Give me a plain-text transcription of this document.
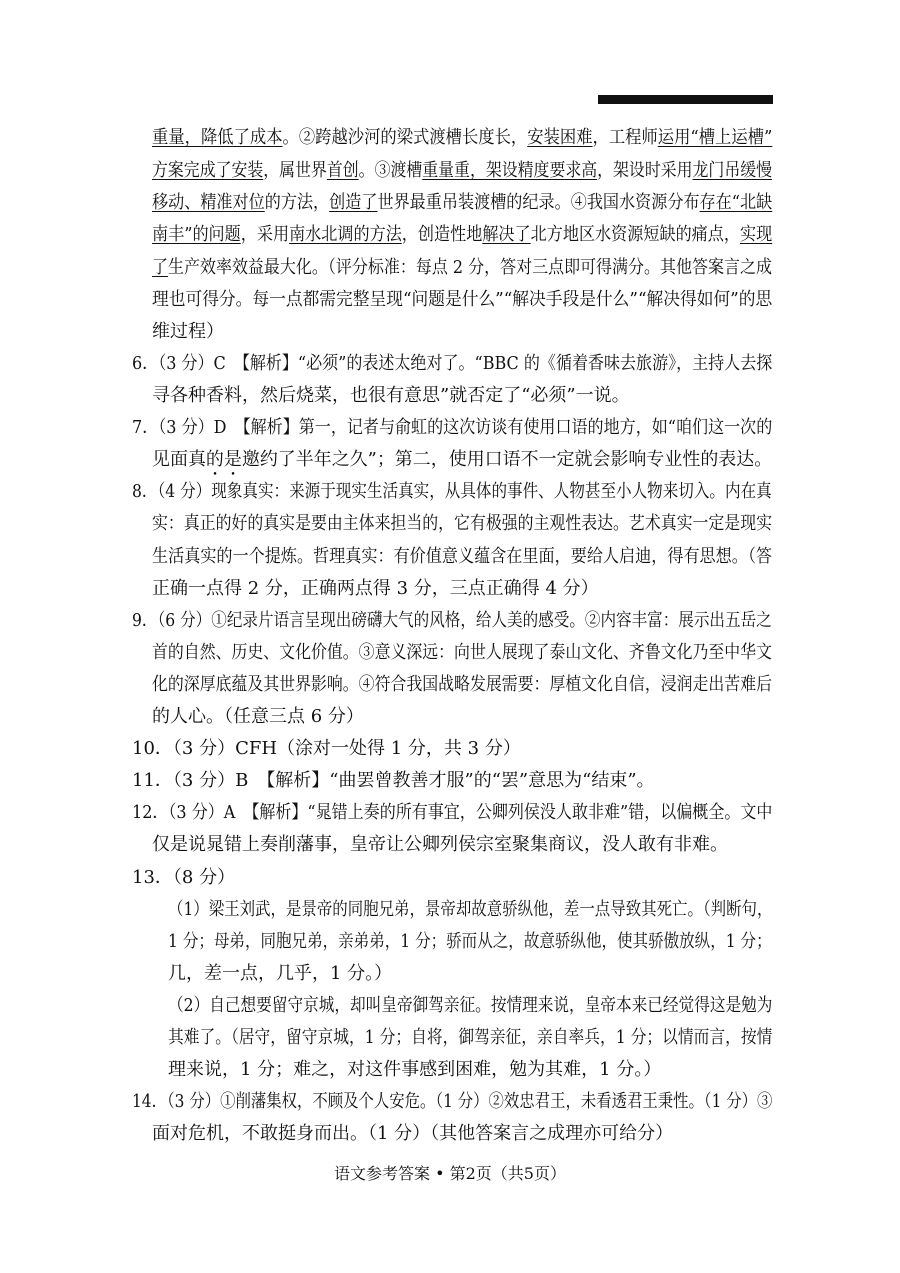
重量，降低了成本。②跨越沙河的梁式渡槽长度长，安装困难，工程师运用“槽上运槽”
方案完成了安装，属世界首创。③渡槽重量重，架设精度要求高，架设时采用龙门吊缓慢
移动、精准对位的方法，创造了世界最重吊装渡槽的纪录。④我国水资源分布存在“北缺
南丰”的问题，采用南水北调的方法，创造性地解决了北方地区水资源短缺的痛点，实现
了生产效率效益最大化。（评分标准：每点 2 分，答对三点即可得满分。其他答案言之成
理也可得分。每一点都需完整呈现“问题是什么”“解决手段是什么”“解决得如何”的思
维过程）
6．（3 分）C　【解析】“必须”的表述太绝对了。“BBC 的《循着香味去旅游》，主持人去探
寻各种香料，然后烧菜，也很有意思”就否定了“必须”一说。
7．（3 分）D　【解析】第一，记者与俞虹的这次访谈有使用口语的地方，如“咱们这一次的
见面真的是邀约了半年之久”；第二，使用口语不一定就会影响专业性的表达。
8．（4 分）现象真实：来源于现实生活真实，从具体的事件、人物甚至小人物来切入。内在真
实：真正的好的真实是要由主体来担当的，它有极强的主观性表达。艺术真实一定是现实
生活真实的一个提炼。哲理真实：有价值意义蕴含在里面，要给人启迪，得有思想。（答
正确一点得 2 分，正确两点得 3 分，三点正确得 4 分）
9．（6 分）①纪录片语言呈现出磅礴大气的风格，给人美的感受。②内容丰富：展示出五岳之
首的自然、历史、文化价值。③意义深远：向世人展现了泰山文化、齐鲁文化乃至中华文
化的深厚底蕴及其世界影响。④符合我国战略发展需要：厚植文化自信，浸润走出苦难后
的人心。（任意三点 6 分）
10．（3 分）CFH（涂对一处得 1 分，共 3 分）
11．（3 分）B　【解析】“曲罢曾教善才服”的“罢”意思为“结束”。
12．（3 分）A　【解析】“晁错上奏的所有事宜，公卿列侯没人敢非难”错，以偏概全。文中
仅是说晁错上奏削藩事，皇帝让公卿列侯宗室聚集商议，没人敢有非难。
13．（8 分）
（1）梁王刘武，是景帝的同胞兄弟，景帝却故意骄纵他，差一点导致其死亡。（判断句，
1 分；母弟，同胞兄弟，亲弟弟，1 分；骄而从之，故意骄纵他，使其骄傲放纵，1 分；
几，差一点，几乎，1 分。）
（2）自己想要留守京城，却叫皇帝御驾亲征。按情理来说，皇帝本来已经觉得这是勉为
其难了。（居守，留守京城，1 分；自将，御驾亲征，亲自率兵，1 分；以情而言，按情
理来说，1 分；难之，对这件事感到困难，勉为其难，1 分。）
14．（3 分）①削藩集权，不顾及个人安危。（1 分）②效忠君王，未看透君王秉性。（1 分）③
面对危机，不敢挺身而出。（1 分）（其他答案言之成理亦可给分）
语文参考答案 • 第2页（共5页）
